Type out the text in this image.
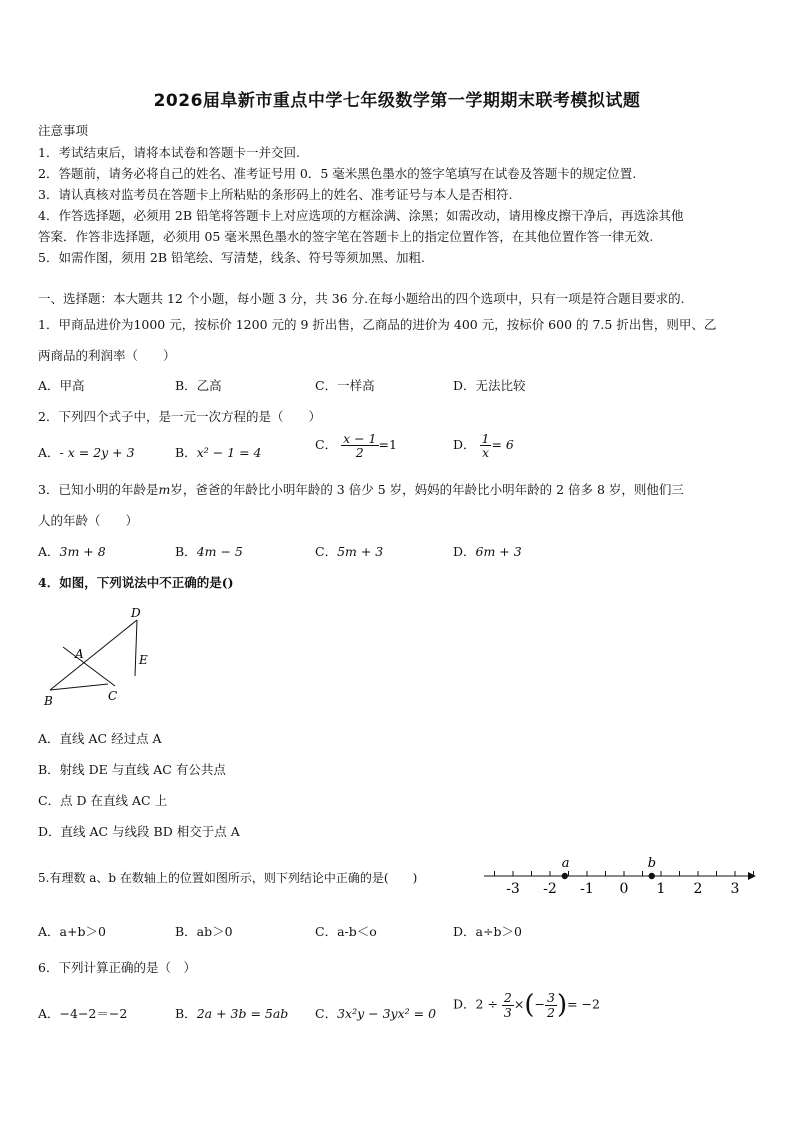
2026届阜新市重点中学七年级数学第一学期期末联考模拟试题
注意事项
1．考试结束后，请将本试卷和答题卡一并交回.
2．答题前，请务必将自己的姓名、准考证号用 0．5 毫米黑色墨水的签字笔填写在试卷及答题卡的规定位置.
3．请认真核对监考员在答题卡上所粘贴的条形码上的姓名、准考证号与本人是否相符.
4．作答选择题，必须用 2B 铅笔将答题卡上对应选项的方框涂满、涂黑；如需改动，请用橡皮擦干净后，再选涂其他
答案．作答非选择题，必须用 05 毫米黑色墨水的签字笔在答题卡上的指定位置作答，在其他位置作答一律无效.
5．如需作图，须用 2B 铅笔绘、写清楚，线条、符号等须加黑、加粗.
一、选择题：本大题共 12 个小题，每小题 3 分，共 36 分.在每小题给出的四个选项中，只有一项是符合题目要求的.
1．甲商品进价为1000 元，按标价 1200 元的 9 折出售，乙商品的进价为 400 元，按标价 600 的 7.5 折出售，则甲、乙
两商品的利润率（　　）
A．甲高	B．乙高	C．一样高	D．无法比较
2．下列四个式子中，是一元一次方程的是（　　）
A．- x = 2y + 3	B．x² − 1 = 4
C． $\frac{x - 1}{2} =1$	D． $\frac{1}{x} = 6$
3．已知小明的年龄是m岁，爸爸的年龄比小明年龄的 3 倍少 5 岁，妈妈的年龄比小明年龄的 2 倍多 8 岁，则他们三
人的年龄（　　）
A．3m + 8	B．4m − 5	C．5m + 3	D．6m + 3
4．如图，下列说法中不正确的是()
D
A	E
B	C
A．直线 AC 经过点 A
B．射线 DE 与直线 AC 有公共点
C．点 D 在直线 AC 上
D．直线 AC 与线段 BD 相交于点 A
5.有理数 a、b 在数轴上的位置如图所示，则下列结论中正确的是(　　)
-3 -2 -1 0 1 2 3
a	b
A．a+b＞0	B．ab＞0	C．a-b＜o	D．a÷b＞0
6．下列计算正确的是（　）
A．−4−2＝−2	B．2a + 3b = 5ab C．3x²y − 3yx² = 0
D．$2 \div \frac{2}{3}$ ×(− $\frac{3}{2}$ )= −2
